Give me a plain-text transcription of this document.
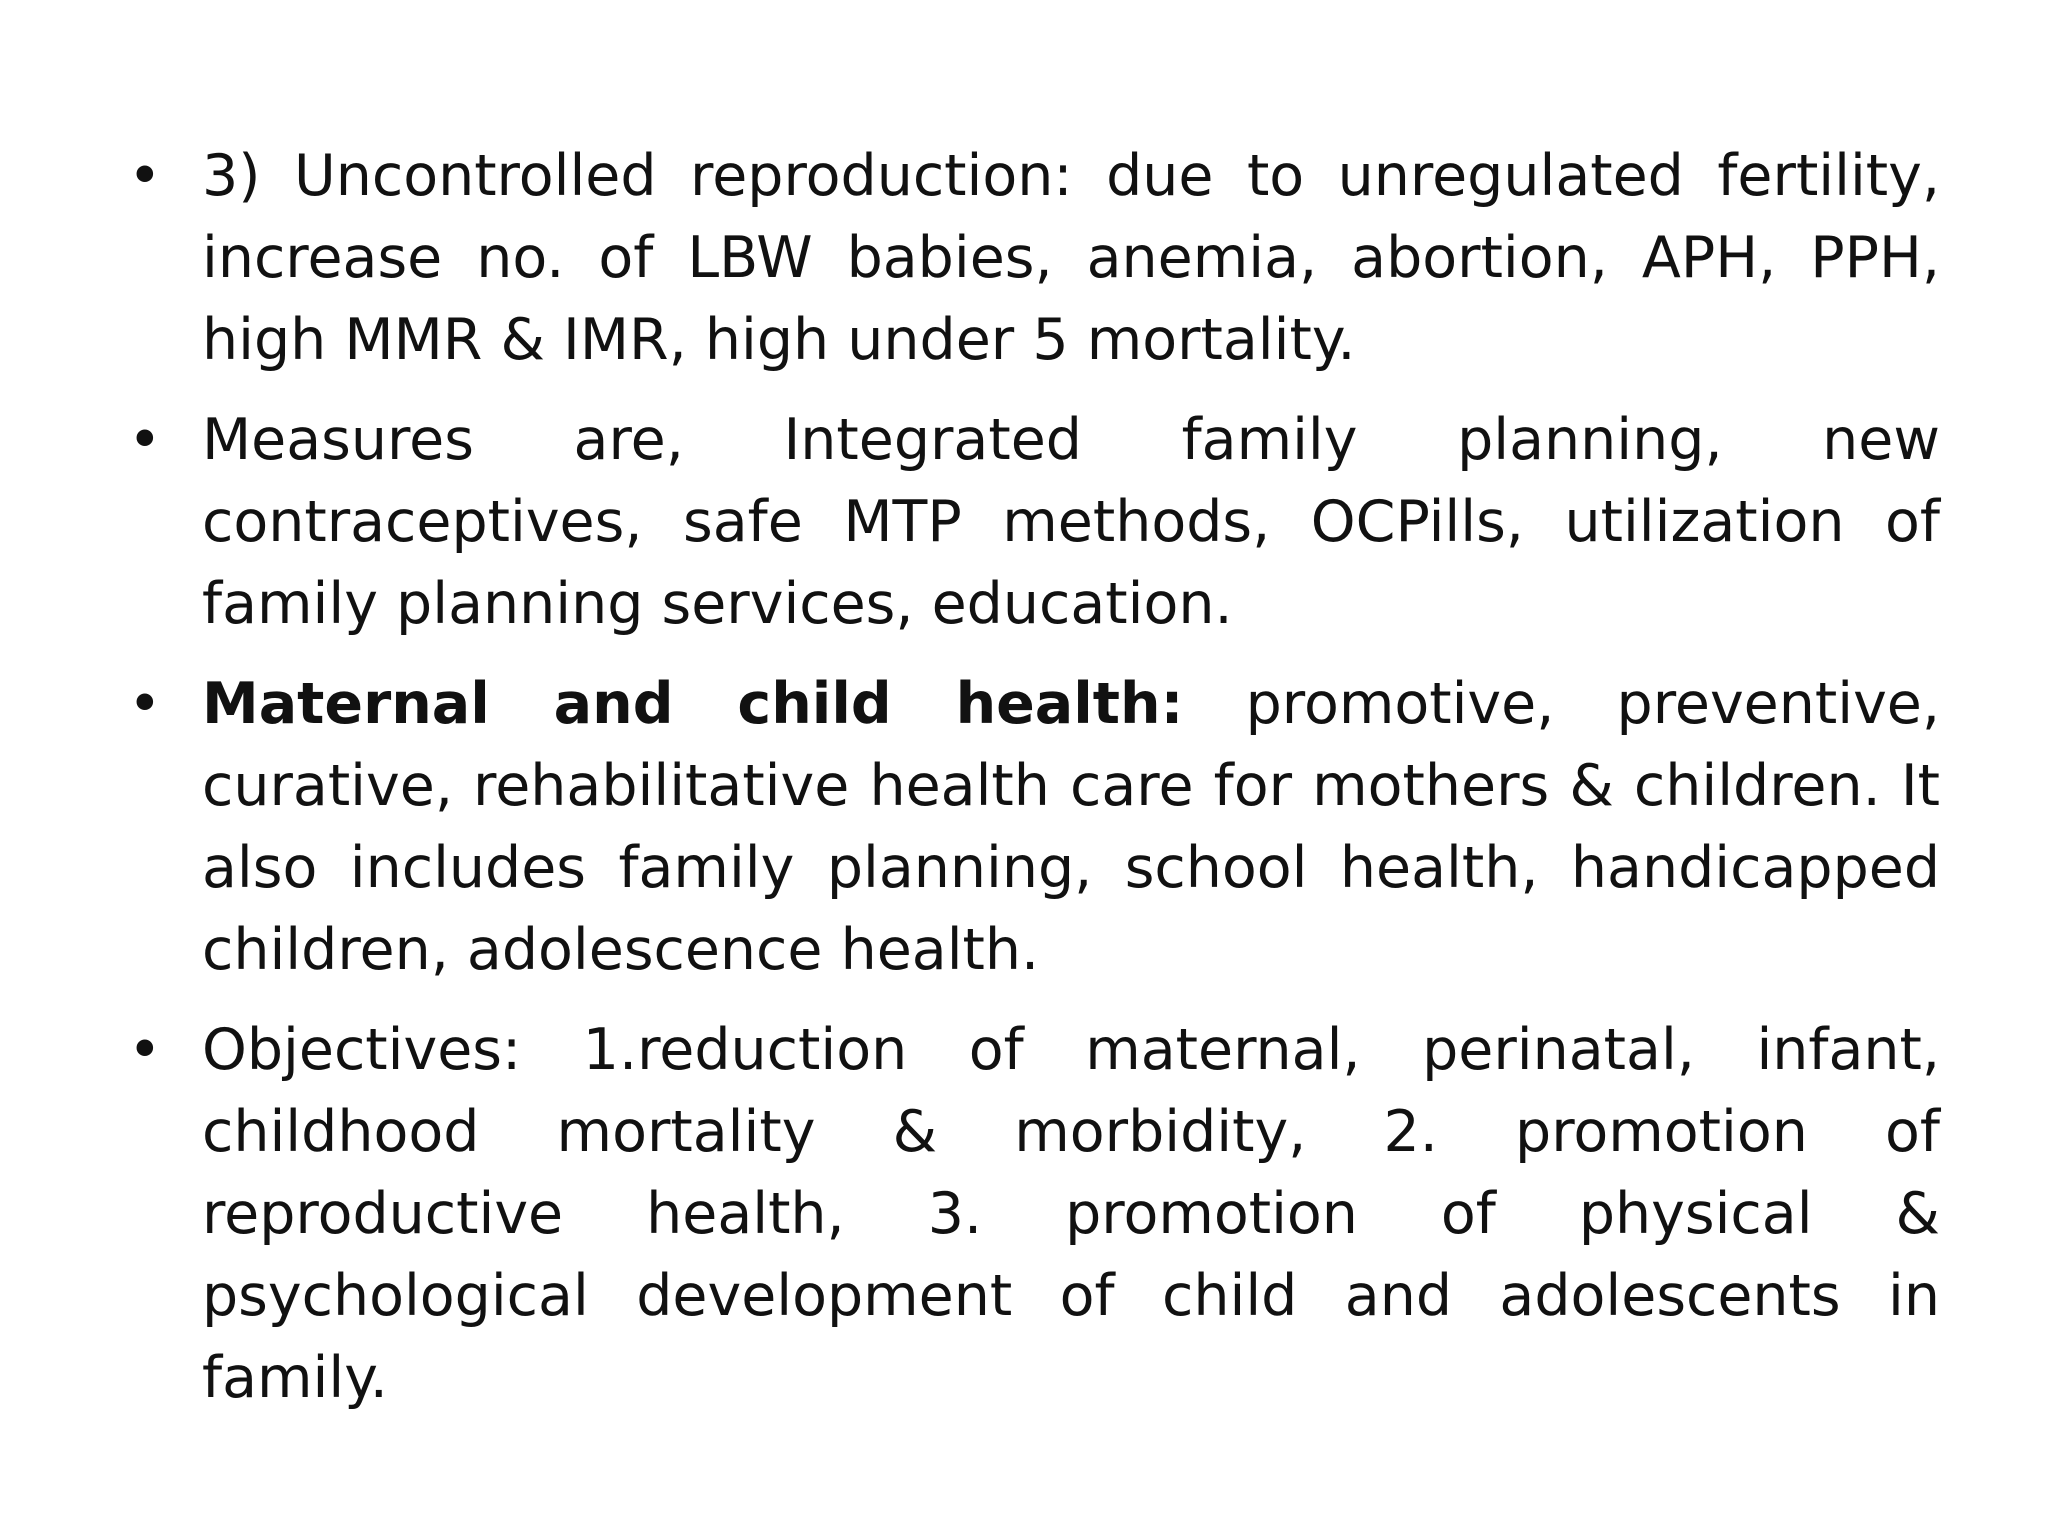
• 3) Uncontrolled reproduction: due to unregulated fertility, increase no. of LBW babies, anemia, abortion, APH, PPH, high MMR & IMR, high under 5 mortality.
• Measures are, Integrated family planning, new contraceptives, safe MTP methods, OCPills, utilization of family planning services, education.
• Maternal and child health: promotive, preventive, curative, rehabilitative health care for mothers & children. It also includes family planning, school health, handicapped children, adolescence health.
• Objectives: 1.reduction of maternal, perinatal, infant, childhood mortality & morbidity, 2. promotion of reproductive health, 3. promotion of physical & psychological development of child and adolescents in family.
